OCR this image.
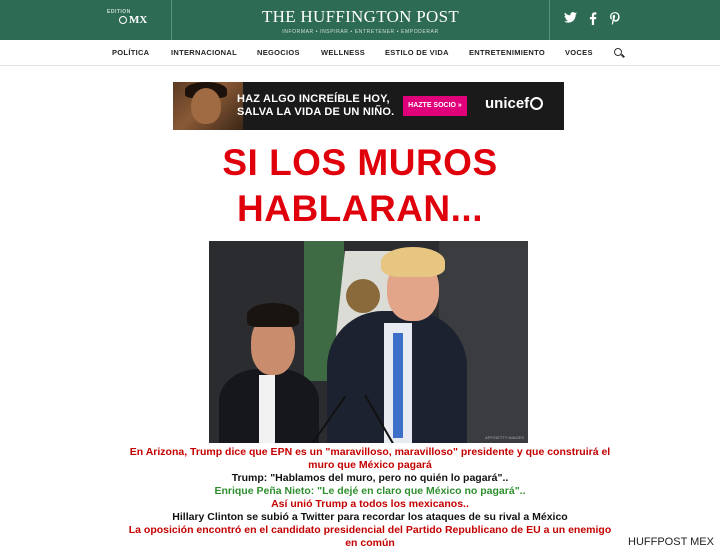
EDITION
MX	THE HUFFINGTON POST
INFORMAR • INSPIRAR • ENTRETENER • EMPODERAR
POLÍTICA	INTERNACIONAL	NEGOCIOS	WELLNESS	ESTILO DE VIDA	ENTRETENIMIENTO	VOCES
HAZ ALGO INCREÍBLE HOY,
SALVA LA VIDA DE UN NIÑO.
HAZTE SOCIO »	unicef
SI LOS MUROS
HABLARAN...
AFP/GETTY IMAGES
En Arizona, Trump dice que EPN es un "maravilloso, maravilloso" presidente y que construirá el
muro que México pagará
Trump: "Hablamos del muro, pero no quién lo pagará"..
Enrique Peña Nieto: "Le dejé en claro que México no pagará"..
Así unió Trump a todos los mexicanos..
Hillary Clinton se subió a Twitter para recordar los ataques de su rival a México
La oposición encontró en el candidato presidencial del Partido Republicano de EU a un enemigo
en común	HUFFPOST MEX
